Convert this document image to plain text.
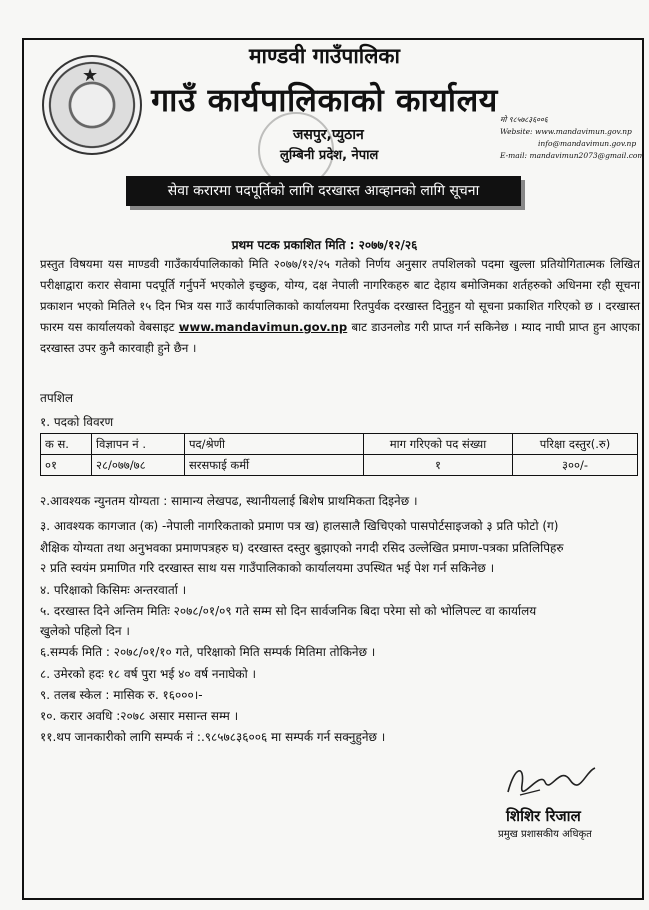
★
माण्डवी गाउँपालिका
गाउँ कार्यपालिकाको कार्यालय
जसपुर,प्युठान
लुम्बिनी प्रदेश, नेपाल
मो ९८५७८३६००६
Website: www.mandavimun.gov.np
info@mandavimun.gov.np
E-mail: mandavimun2073@gmail.com
सेवा करारमा पदपूर्तिको लागि दरखास्त आव्हानको लागि सूचना
प्रथम पटक प्रकाशित मिति : २०७७/१२/२६
प्रस्तुत विषयमा यस माण्डवी गाउँकार्यपालिकाको मिति २०७७/१२/२५ गतेको निर्णय अनुसार तपशिलको पदमा खुल्ला प्रतियोगितात्मक लिखित परीक्षाद्वारा करार सेवामा पदपूर्ति गर्नुपर्ने भएकोले इच्छुक, योग्य, दक्ष नेपाली नागरिकहरु बाट देहाय बमोजिमका शर्तहरुको अधिनमा रही सूचना प्रकाशन भएको मितिले १५ दिन भित्र यस गाउँ कार्यपालिकाको कार्यालयमा रितपुर्वक दरखास्त दिनुहुन यो सूचना प्रकाशित गरिएको छ । दरखास्त फारम यस कार्यालयको वेबसाइट www.mandavimun.gov.np बाट डाउनलोड गरी प्राप्त गर्न सकिनेछ । म्याद नाघी प्राप्त हुन आएका दरखास्त उपर कुनै कारवाही हुने छैन ।
तपशिल
१. पदको विवरण
क स.	विज्ञापन नं .	पद/श्रेणी	माग गरिएको पद संख्या	परिक्षा दस्तुर(.रु)
०१	२८/०७७/७८	सरसफाई कर्मी	१	३००/-
२.आवश्यक न्युनतम योग्यता : सामान्य लेखपढ, स्थानीयलाई बिशेष प्राथमिकता दिइनेछ ।
३. आवश्यक कागजात (क) -नेपाली नागरिकताको प्रमाण पत्र ख) हालसालै खिचिएको पासपोर्टसाइजको ३ प्रति फोटो (ग)
शैक्षिक योग्यता तथा अनुभवका प्रमाणपत्रहरु घ) दरखास्त दस्तुर बुझाएको नगदी रसिद उल्लेखित प्रमाण-पत्रका प्रतिलिपिहरु
२ प्रति स्वयंम प्रमाणित गरि दरखास्त साथ यस गाउँपालिकाको कार्यालयमा उपस्थित भई पेश गर्न सकिनेछ ।
४. परिक्षाको किसिमः अन्तरवार्ता ।
५. दरखास्त दिने अन्तिम मितिः २०७८/०१/०९ गते सम्म सो दिन सार्वजनिक बिदा परेमा सो को भोलिपल्ट वा कार्यालय
खुलेको पहिलो दिन ।
६.सम्पर्क मिति : २०७८/०१/१० गते, परिक्षाको मिति सम्पर्क मितिमा तोकिनेछ ।
८. उमेरको हदः १८ वर्ष पुरा भई ४० वर्ष ननाघेको ।
९. तलब स्केल : मासिक रु. १६०००।-
१०. करार अवधि :२०७८ असार मसान्त सम्म ।
११.थप जानकारीको लागि सम्पर्क नं :.९८५७८३६००६ मा सम्पर्क गर्न सक्नुहुनेछ ।
शिशिर रिजाल
प्रमुख प्रशासकीय अधिकृत
